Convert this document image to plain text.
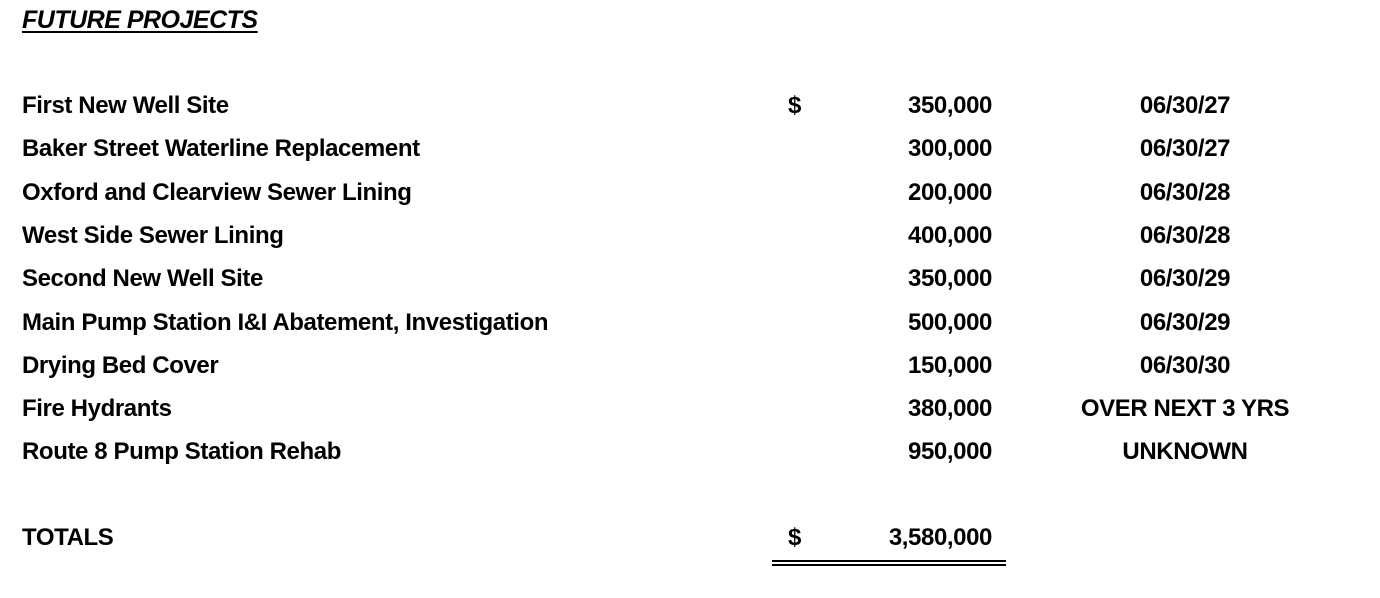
FUTURE PROJECTS
First New Well Site	$	350,000	06/30/27
Baker Street Waterline Replacement	300,000	06/30/27
Oxford and Clearview Sewer Lining	200,000	06/30/28
West Side Sewer Lining	400,000	06/30/28
Second New Well Site	350,000	06/30/29
Main Pump Station I&I Abatement, Investigation	500,000	06/30/29
Drying Bed Cover	150,000	06/30/30
Fire Hydrants	380,000	OVER NEXT 3 YRS
Route 8 Pump Station Rehab	950,000	UNKNOWN
TOTALS	$	3,580,000
